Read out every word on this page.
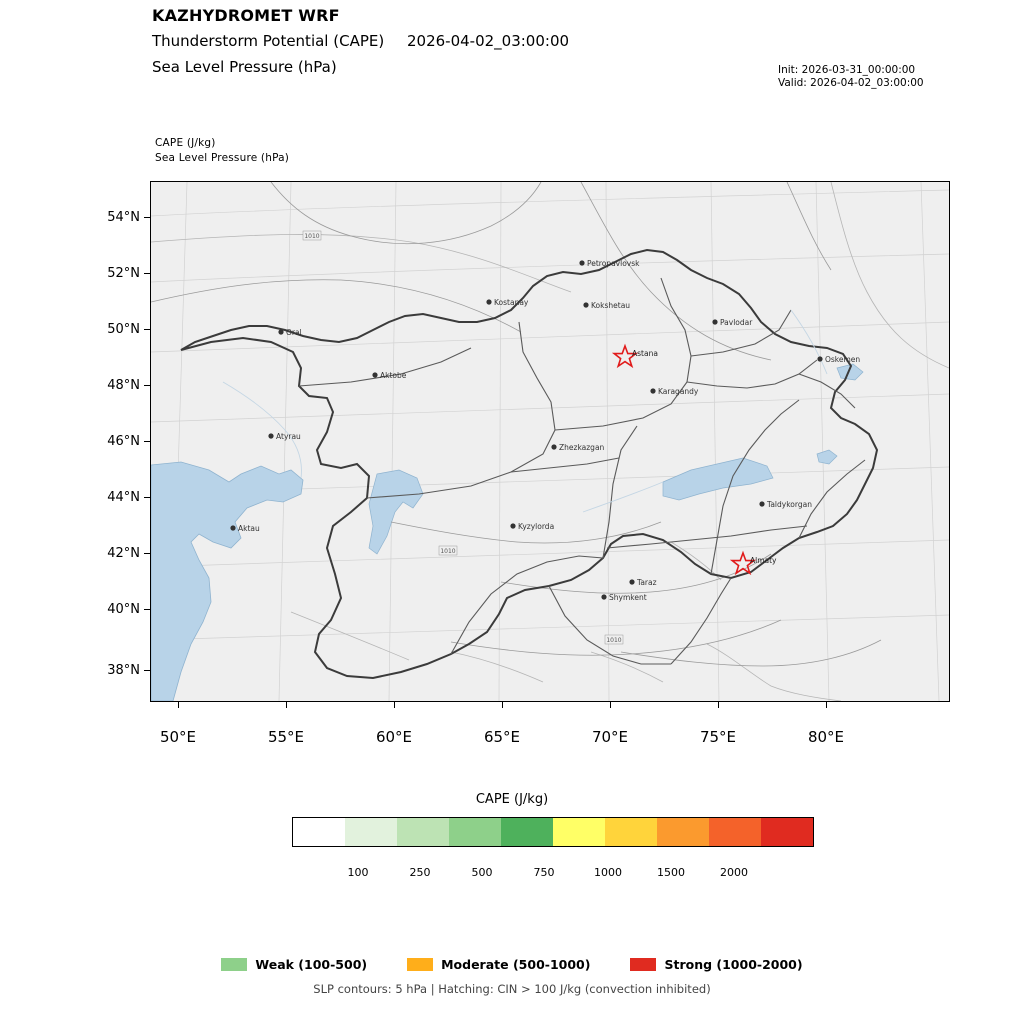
KAZHYDROMET WRF
Thunderstorm Potential (CAPE) 2026-04-02_03:00:00
Sea Level Pressure (hPa)	Init: 2026-03-31_00:00:00
Valid: 2026-04-02_03:00:00
CAPE (J/kg)
Sea Level Pressure (hPa)
1010
1010
1010
Petropavlovsk
Kostanay	Kokshetau
Pavlodar
Oral
Oskemen
Aktobe
Karagandy
Atyrau
Zhezkazgan
Taldykorgan
Aktau	Kyzylorda
Taraz
Shymkent
Astana
Almaty
54°N
52°N
50°N
48°N
46°N
44°N
42°N
40°N
38°N
50°E	55°E	60°E	65°E	70°E	75°E	80°E
CAPE (J/kg)
100	250	500	750	1000	1500	2000
Weak (100-500)	Moderate (500-1000)	Strong (1000-2000)
SLP contours: 5 hPa | Hatching: CIN > 100 J/kg (convection inhibited)
